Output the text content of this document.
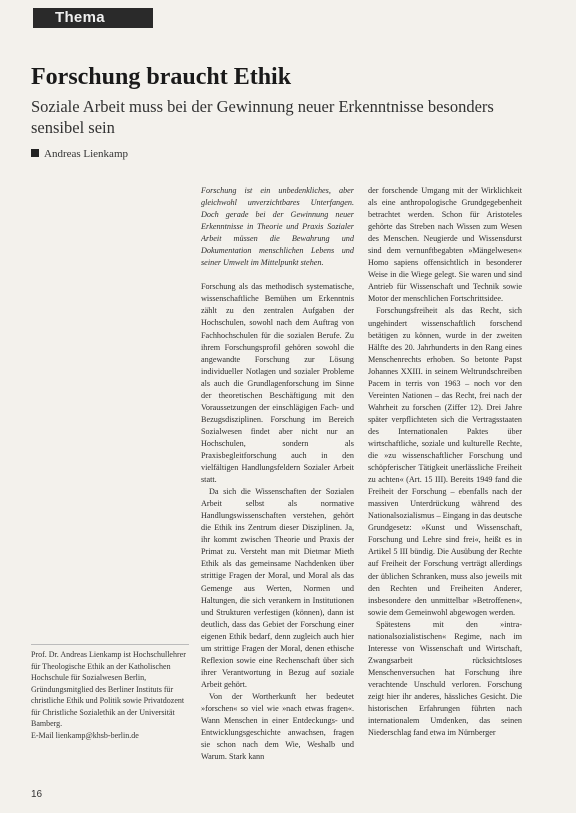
Thema
Forschung braucht Ethik
Soziale Arbeit muss bei der Gewinnung neuer Erkenntnisse besonders sensibel sein
Andreas Lienkamp

Forschung ist ein unbedenkliches, aber gleichwohl unverzichtbares Unterfangen. Doch gerade bei der Gewinnung neuer Erkenntnisse in Theorie und Praxis Sozialer Arbeit müssen die Bewahrung und Dokumentation menschlichen Lebens und seiner Umwelt im Mittelpunkt stehen.

Forschung als das methodisch systematische, wissenschaftliche Bemühen um Erkenntnis zählt zu den zentralen Aufgaben der Hochschulen, sowohl nach dem Auftrag von Fachhochschulen für die sozialen Berufe. Zu ihrem Forschungsprofil gehören sowohl die angewandte Forschung zur Lösung individueller Notlagen und sozialer Probleme als auch die Grundlagenforschung im Sinne der theoretischen Beschäftigung mit den Voraussetzungen der einschlägigen Fach- und Bezugsdisziplinen. Forschung im Bereich Sozialwesen findet aber nicht nur an Hochschulen, sondern als Praxisbegleitforschung auch in den vielfältigen Handlungsfeldern Sozialer Arbeit statt.

Da sich die Wissenschaften der Sozialen Arbeit selbst als normative Handlungswissenschaften verstehen, gehört die Ethik ins Zentrum dieser Disziplinen. Ja, ihr kommt zwischen Theorie und Praxis der Primat zu. Versteht man mit Dietmar Mieth Ethik als das gemeinsame Nachdenken über strittige Fragen der Moral, und Moral als das Gemenge aus Werten, Normen und Haltungen, die sich verankern in Institutionen und Strukturen verfestigen (können), dann ist deutlich, dass das Gebiet der Forschung einer eigenen Ethik bedarf, denn zugleich auch hier um strittige Fragen der Moral, denen ethische Reflexion sowie eine Rechenschaft über sich ihrer Verantwortung in Bezug auf soziale Arbeit gehört.

Von der Wortherkunft her bedeutet »forschen« so viel wie »nach etwas fragen«. Wann Menschen in einer Entdeckungs- und Entwicklungsgeschichte anwachsen, fragen sie schon nach dem Wie, Weshalb und Warum. Stark kann

der forschende Umgang mit der Wirklichkeit als eine anthropologische Grundgegebenheit betrachtet werden. Schon für Aristoteles gehörte das Streben nach Wissen zum Wesen des Menschen. Neugierde und Wissensdurst sind dem vernunftbegabten »Mängelwesen« Homo sapiens offensichtlich in besonderer Weise in die Wiege gelegt. Sie waren und sind Antrieb für Wissenschaft und Technik sowie Motor der menschlichen Fortschrittsidee.

Forschungsfreiheit als das Recht, sich ungehindert wissenschaftlich forschend betätigen zu können, wurde in der zweiten Hälfte des 20. Jahrhunderts in den Rang eines Menschenrechts erhoben. So betonte Papst Johannes XXIII. in seinem Weltrundschreiben Pacem in terris von 1963 – noch vor den Vereinten Nationen – das Recht, frei nach der Wahrheit zu forschen (Ziffer 12). Drei Jahre später verpflichteten sich die Vertragsstaaten des Internationalen Paktes über wirtschaftliche, soziale und kulturelle Rechte, die »zu wissenschaftlicher Forschung und schöpferischer Tätigkeit unerlässliche Freiheit zu achten« (Art. 15 III). Bereits 1949 fand die Freiheit der Forschung – ebenfalls nach der massiven Unterdrückung während des Nationalsozialismus – Eingang in das deutsche Grundgesetz: »Kunst und Wissenschaft, Forschung und Lehre sind frei«, heißt es in Artikel 5 III bündig. Die Ausübung der Rechte auf Freiheit der Forschung verträgt allerdings der üblichen Schranken, muss also jeweils mit den Rechten und Freiheiten Anderer, insbesondere den unmittelbar »Betroffenen«, sowie dem Gemeinwohl abgewogen werden.

Spätestens mit den »intra-nationalsozialistischen« Regime, nach im Interesse von Wissenschaft und Wirtschaft, Zwangsarbeit rücksichtsloses Menschenversuchen hat Forschung ihre verachtende Unschuld verloren. Forschung zeigt hier ihr anderes, hässliches Gesicht. Die historischen Erfahrungen führten nach internationalem Umdenken, das seinen Niederschlag fand etwa im Nürnberger

Prof. Dr. Andreas Lienkamp ist Hochschullehrer für Theologische Ethik an der Katholischen Hochschule für Sozialwesen Berlin, Gründungsmitglied des Berliner Instituts für christliche Ethik und Politik sowie Privatdozent für Christliche Sozialethik an der Universität Bamberg.

E-Mail lienkamp@khsb-berlin.de

16
